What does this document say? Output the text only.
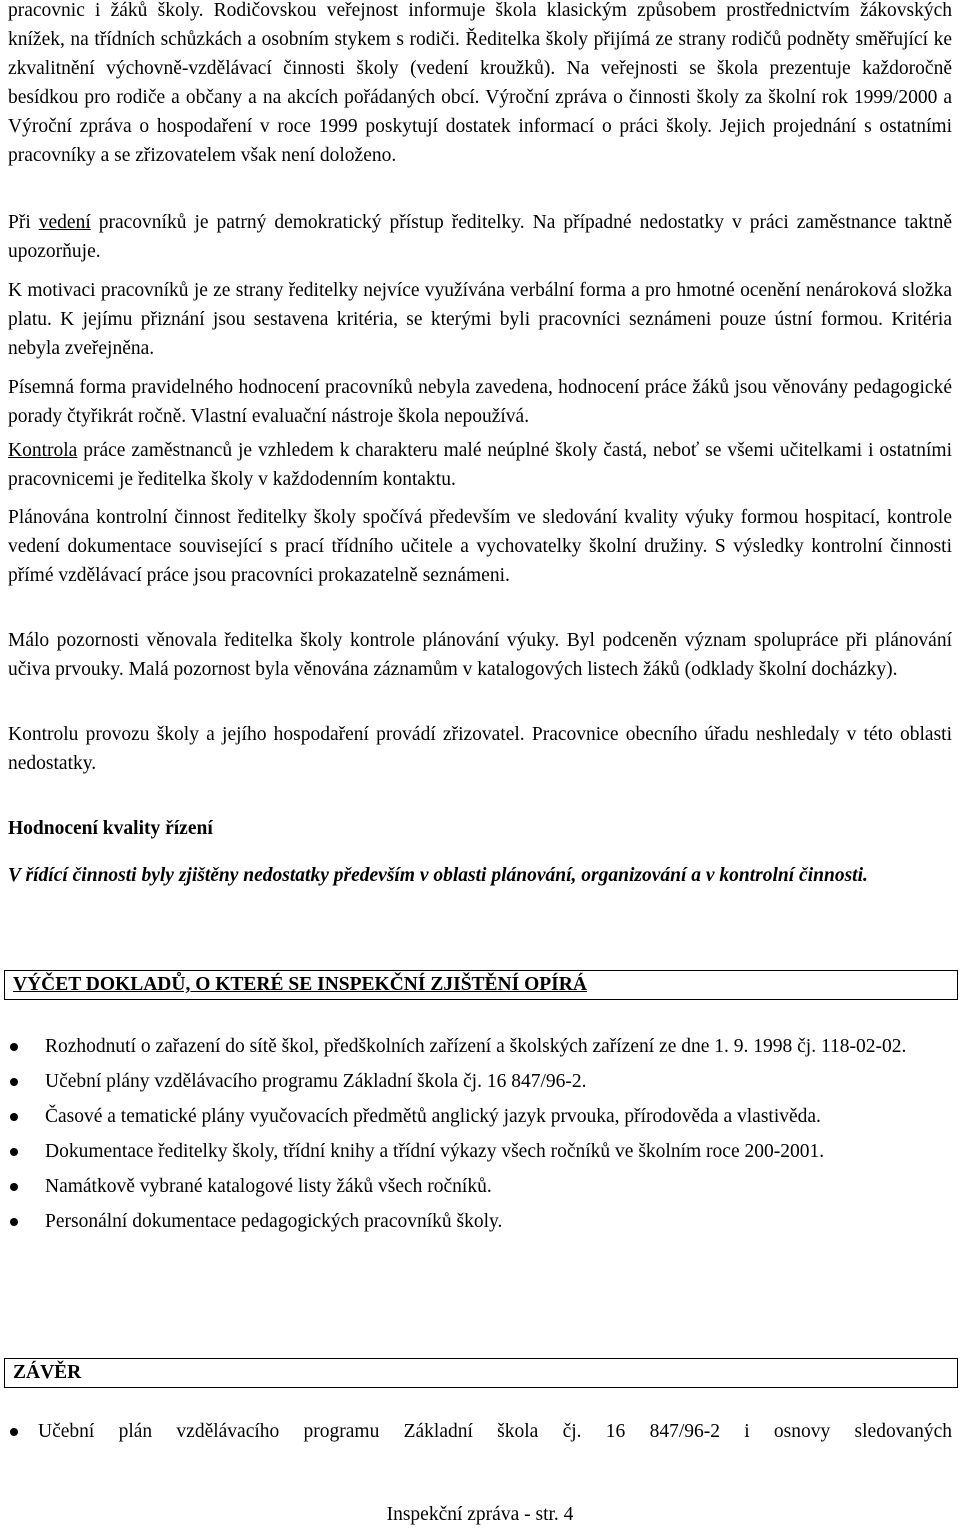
pracovnic i žáků školy. Rodičovskou veřejnost informuje škola klasickým způsobem prostřednictvím žákovských knížek, na třídních schůzkách a osobním stykem s rodiči. Ředitelka školy přijímá ze strany rodičů podněty směřující ke zkvalitnění výchovně-vzdělávací činnosti školy (vedení kroužků). Na veřejnosti se škola prezentuje každoročně besídkou pro rodiče a občany a na akcích pořádaných obcí. Výroční zpráva o činnosti školy za školní rok 1999/2000 a Výroční zpráva o hospodaření v roce 1999 poskytují dostatek informací o práci školy. Jejich projednání s ostatními pracovníky a se zřizovatelem však není doloženo.

Při vedení pracovníků je patrný demokratický přístup ředitelky. Na případné nedostatky v práci zaměstnance taktně upozorňuje.

K motivaci pracovníků je ze strany ředitelky nejvíce využívána verbální forma a pro hmotné ocenění nenároková složka platu. K jejímu přiznání jsou sestavena kritéria, se kterými byli pracovníci seznámeni pouze ústní formou. Kritéria nebyla zveřejněna.

Písemná forma pravidelného hodnocení pracovníků nebyla zavedena, hodnocení práce žáků jsou věnovány pedagogické porady čtyřikrát ročně. Vlastní evaluační nástroje škola nepoužívá.

Kontrola práce zaměstnanců je vzhledem k charakteru malé neúplné školy častá, neboť se všemi učitelkami i ostatními pracovnicemi je ředitelka školy v každodenním kontaktu.

Plánována kontrolní činnost ředitelky školy spočívá především ve sledování kvality výuky formou hospitací, kontrole vedení dokumentace související s prací třídního učitele a vychovatelky školní družiny. S výsledky kontrolní činnosti přímé vzdělávací práce jsou pracovníci prokazatelně seznámeni.

Málo pozornosti věnovala ředitelka školy kontrole plánování výuky. Byl podceněn význam spolupráce při plánování učiva prvouky. Malá pozornost byla věnována záznamům v katalogových listech žáků (odklady školní docházky).

Kontrolu provozu školy a jejího hospodaření provádí zřizovatel. Pracovnice obecního úřadu neshledaly v této oblasti nedostatky.

Hodnocení kvality řízení
V řídící činnosti byly zjištěny nedostatky především v oblasti plánování, organizování a v kontrolní činnosti.
VÝČET DOKLADŮ, O KTERÉ SE INSPEKČNÍ ZJIŠTĚNÍ OPÍRÁ
Rozhodnutí o zařazení do sítě škol, předškolních zařízení a školských zařízení ze dne 1. 9. 1998 čj. 118-02-02.
Učební plány vzdělávacího programu Základní škola čj. 16 847/96-2.
Časové a tematické plány vyučovacích předmětů anglický jazyk prvouka, přírodověda a vlastivěda.
Dokumentace ředitelky školy, třídní knihy a třídní výkazy všech ročníků ve školním roce 200-2001.
Namátkově vybrané katalogové listy žáků všech ročníků.
Personální dokumentace pedagogických pracovníků školy.
ZÁVĚR
Učební plán vzdělávacího programu Základní škola čj. 16 847/96-2 i osnovy sledovaných
Inspekční zpráva - str. 4
